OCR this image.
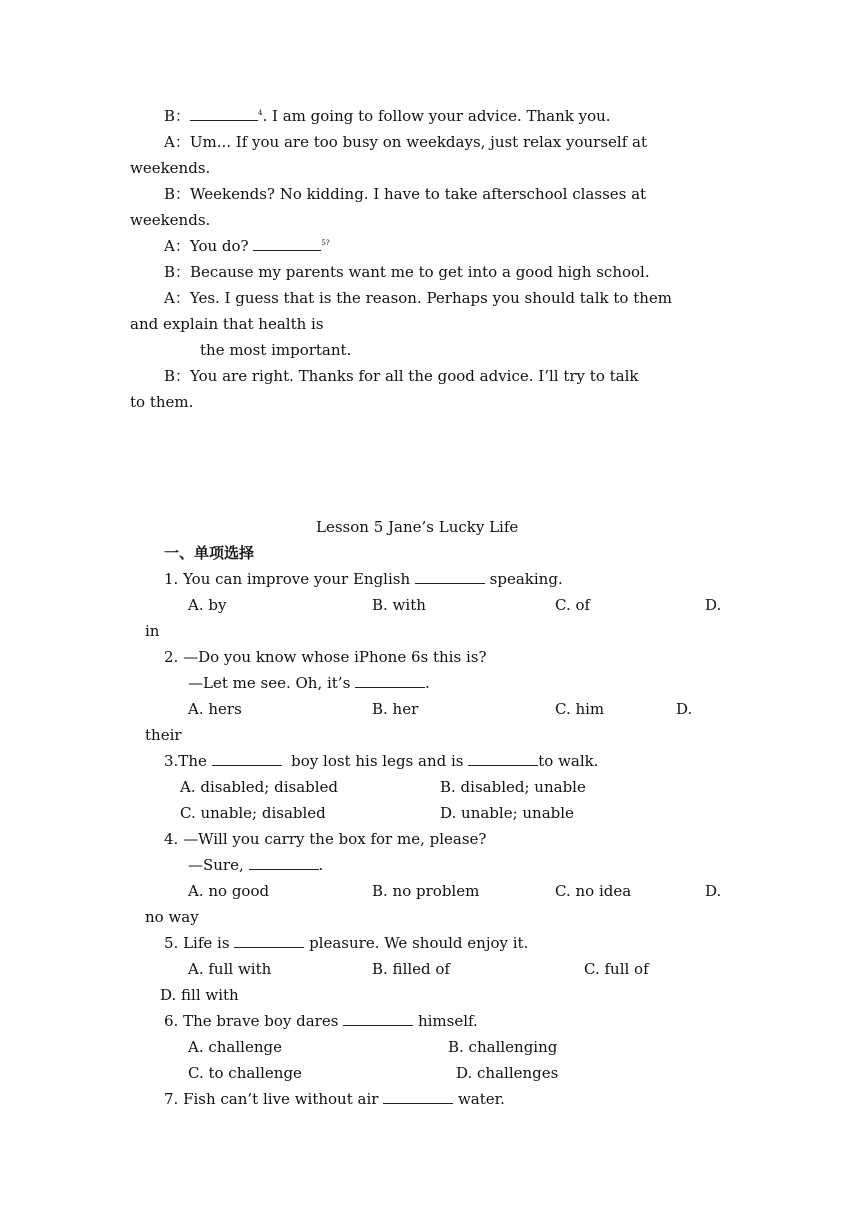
B：	$^4$. I am going to follow your advice. Thank you.
A：Um... If you are too busy on weekdays, just relax yourself at
weekends.
B：Weekends? No kidding. I have to take afterschool classes at
weekends.
A：You do?	$^{5?}$
B：Because my parents want me to get into a good high school.
A：Yes. I guess that is the reason. Perhaps you should talk to them
and explain that health is
the most important.
B：You are right. Thanks for all the good advice. I’ll try to talk
to them.
Lesson 5 Jane’s Lucky Life
一、单项选择
1. You can improve your English	speaking.
A. by	B. with	C. of	D.
in
2. —Do you know whose iPhone 6s this is?
—Let me see. Oh, it’s	.
A. hers	B. her	C. him	D.
their
3.The	boy lost his legs and is	to walk.
A. disabled; disabled	B. disabled; unable
C. unable; disabled	D. unable; unable
4. —Will you carry the box for me, please?
—Sure,	.
A. no good	B. no problem	C. no idea	D.
no way
5. Life is	pleasure. We should enjoy it.
A. full with	B. filled of	C. full of
D. fill with
6. The brave boy dares	himself.
A. challenge	B. challenging
C. to challenge	D. challenges
7. Fish can’t live without air	water.
